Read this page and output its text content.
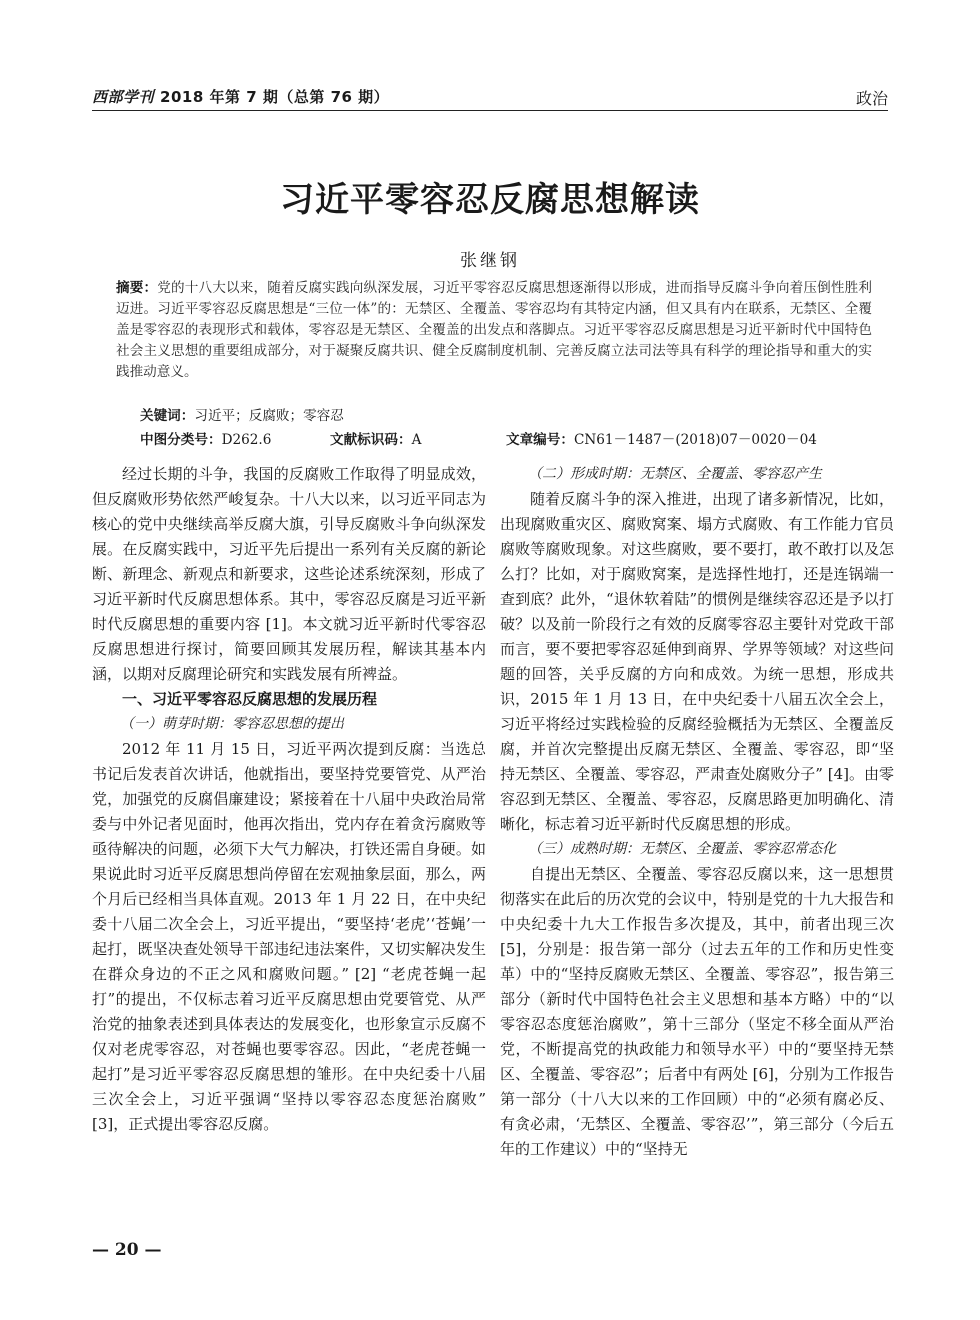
西部学刊 2018 年第 7 期（总第 76 期）	政治
习近平零容忍反腐思想解读
张继钢
摘要：党的十八大以来，随着反腐实践向纵深发展，习近平零容忍反腐思想逐渐得以形成，进而指导反腐斗争向着压倒性胜利迈进。习近平零容忍反腐思想是“三位一体”的：无禁区、全覆盖、零容忍均有其特定内涵，但又具有内在联系，无禁区、全覆盖是零容忍的表现形式和载体，零容忍是无禁区、全覆盖的出发点和落脚点。习近平零容忍反腐思想是习近平新时代中国特色社会主义思想的重要组成部分，对于凝聚反腐共识、健全反腐制度机制、完善反腐立法司法等具有科学的理论指导和重大的实践推动意义。
关键词：习近平；反腐败；零容忍
中图分类号：D262.6	文献标识码：A	文章编号：CN61－1487－(2018)07－0020－04

经过长期的斗争，我国的反腐败工作取得了明显成效，但反腐败形势依然严峻复杂。十八大以来，以习近平同志为核心的党中央继续高举反腐大旗，引导反腐败斗争向纵深发展。在反腐实践中，习近平先后提出一系列有关反腐的新论断、新理念、新观点和新要求，这些论述系统深刻，形成了习近平新时代反腐思想体系。其中，零容忍反腐是习近平新时代反腐思想的重要内容 [1]。本文就习近平新时代零容忍反腐思想进行探讨，简要回顾其发展历程，解读其基本内涵，以期对反腐理论研究和实践发展有所裨益。

一、习近平零容忍反腐思想的发展历程
（一）萌芽时期：零容忍思想的提出

2012 年 11 月 15 日，习近平两次提到反腐：当选总书记后发表首次讲话，他就指出，要坚持党要管党、从严治党，加强党的反腐倡廉建设；紧接着在十八届中央政治局常委与中外记者见面时，他再次指出，党内存在着贪污腐败等亟待解决的问题，必须下大气力解决，打铁还需自身硬。如果说此时习近平反腐思想尚停留在宏观抽象层面，那么，两个月后已经相当具体直观。2013 年 1 月 22 日，在中央纪委十八届二次全会上，习近平提出，“要坚持‘老虎’‘苍蝇’一起打，既坚决查处领导干部违纪违法案件，又切实解决发生在群众身边的不正之风和腐败问题。” [2] “老虎苍蝇一起打”的提出，不仅标志着习近平反腐思想由党要管党、从严治党的抽象表述到具体表达的发展变化，也形象宣示反腐不仅对老虎零容忍，对苍蝇也要零容忍。因此，“老虎苍蝇一起打”是习近平零容忍反腐思想的雏形。在中央纪委十八届三次全会上，习近平强调“坚持以零容忍态度惩治腐败” [3]，正式提出零容忍反腐。

（二）形成时期：无禁区、全覆盖、零容忍产生

随着反腐斗争的深入推进，出现了诸多新情况，比如，出现腐败重灾区、腐败窝案、塌方式腐败、有工作能力官员腐败等腐败现象。对这些腐败，要不要打，敢不敢打以及怎么打？比如，对于腐败窝案，是选择性地打，还是连锅端一查到底？此外，“退休软着陆”的惯例是继续容忍还是予以打破？以及前一阶段行之有效的反腐零容忍主要针对党政干部而言，要不要把零容忍延伸到商界、学界等领域？对这些问题的回答，关乎反腐的方向和成效。为统一思想，形成共识，2015 年 1 月 13 日，在中央纪委十八届五次全会上，习近平将经过实践检验的反腐经验概括为无禁区、全覆盖反腐，并首次完整提出反腐无禁区、全覆盖、零容忍，即“坚持无禁区、全覆盖、零容忍，严肃查处腐败分子” [4]。由零容忍到无禁区、全覆盖、零容忍，反腐思路更加明确化、清晰化，标志着习近平新时代反腐思想的形成。

（三）成熟时期：无禁区、全覆盖、零容忍常态化

自提出无禁区、全覆盖、零容忍反腐以来，这一思想贯彻落实在此后的历次党的会议中，特别是党的十九大报告和中央纪委十九大工作报告多次提及，其中，前者出现三次 [5]，分别是：报告第一部分（过去五年的工作和历史性变革）中的“坚持反腐败无禁区、全覆盖、零容忍”，报告第三部分（新时代中国特色社会主义思想和基本方略）中的“以零容忍态度惩治腐败”，第十三部分（坚定不移全面从严治党，不断提高党的执政能力和领导水平）中的“要坚持无禁区、全覆盖、零容忍”；后者中有两处 [6]，分别为工作报告第一部分（十八大以来的工作回顾）中的“必须有腐必反、有贪必肃，‘无禁区、全覆盖、零容忍’”，第三部分（今后五年的工作建议）中的“坚持无

— 20 —
